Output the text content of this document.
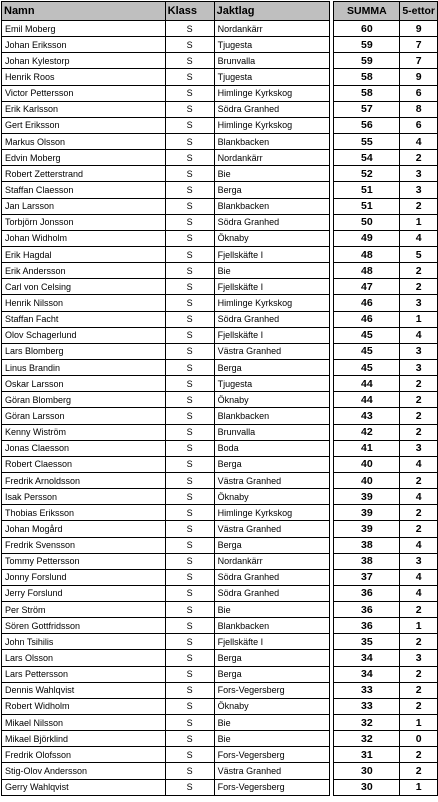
Namn	Klass	Jaktlag		SUMMA	5-ettor
Emil Moberg	S	Nordankärr		60	9
Johan Eriksson	S	Tjugesta		59	7
Johan Kylestorp	S	Brunvalla		59	7
Henrik Roos	S	Tjugesta		58	9
Victor Pettersson	S	Himlinge Kyrkskog		58	6
Erik Karlsson	S	Södra Granhed		57	8
Gert Eriksson	S	Himlinge Kyrkskog		56	6
Markus Olsson	S	Blankbacken		55	4
Edvin Moberg	S	Nordankärr		54	2
Robert Zetterstrand	S	Bie		52	3
Staffan Claesson	S	Berga		51	3
Jan Larsson	S	Blankbacken		51	2
Torbjörn Jonsson	S	Södra Granhed		50	1
Johan Widholm	S	Öknaby		49	4
Erik Hagdal	S	Fjellskäfte I		48	5
Erik Andersson	S	Bie		48	2
Carl von Celsing	S	Fjellskäfte I		47	2
Henrik Nilsson	S	Himlinge Kyrkskog		46	3
Staffan Facht	S	Södra Granhed		46	1
Olov Schagerlund	S	Fjellskäfte I		45	4
Lars Blomberg	S	Västra Granhed		45	3
Linus Brandin	S	Berga		45	3
Oskar Larsson	S	Tjugesta		44	2
Göran Blomberg	S	Öknaby		44	2
Göran Larsson	S	Blankbacken		43	2
Kenny Wiström	S	Brunvalla		42	2
Jonas Claesson	S	Boda		41	3
Robert Claesson	S	Berga		40	4
Fredrik Arnoldsson	S	Västra Granhed		40	2
Isak Persson	S	Öknaby		39	4
Thobias Eriksson	S	Himlinge Kyrkskog		39	2
Johan Mogård	S	Västra Granhed		39	2
Fredrik Svensson	S	Berga		38	4
Tommy Pettersson	S	Nordankärr		38	3
Jonny Forslund	S	Södra Granhed		37	4
Jerry Forslund	S	Södra Granhed		36	4
Per Ström	S	Bie		36	2
Sören Gottfridsson	S	Blankbacken		36	1
John Tsihilis	S	Fjellskäfte I		35	2
Lars Olsson	S	Berga		34	3
Lars Pettersson	S	Berga		34	2
Dennis Wahlqvist	S	Fors-Vegersberg		33	2
Robert Widholm	S	Öknaby		33	2
Mikael Nilsson	S	Bie		32	1
Mikael Björklind	S	Bie		32	0
Fredrik Olofsson	S	Fors-Vegersberg		31	2
Stig-Olov Andersson	S	Västra Granhed		30	2
Gerry Wahlqvist	S	Fors-Vegersberg		30	1
